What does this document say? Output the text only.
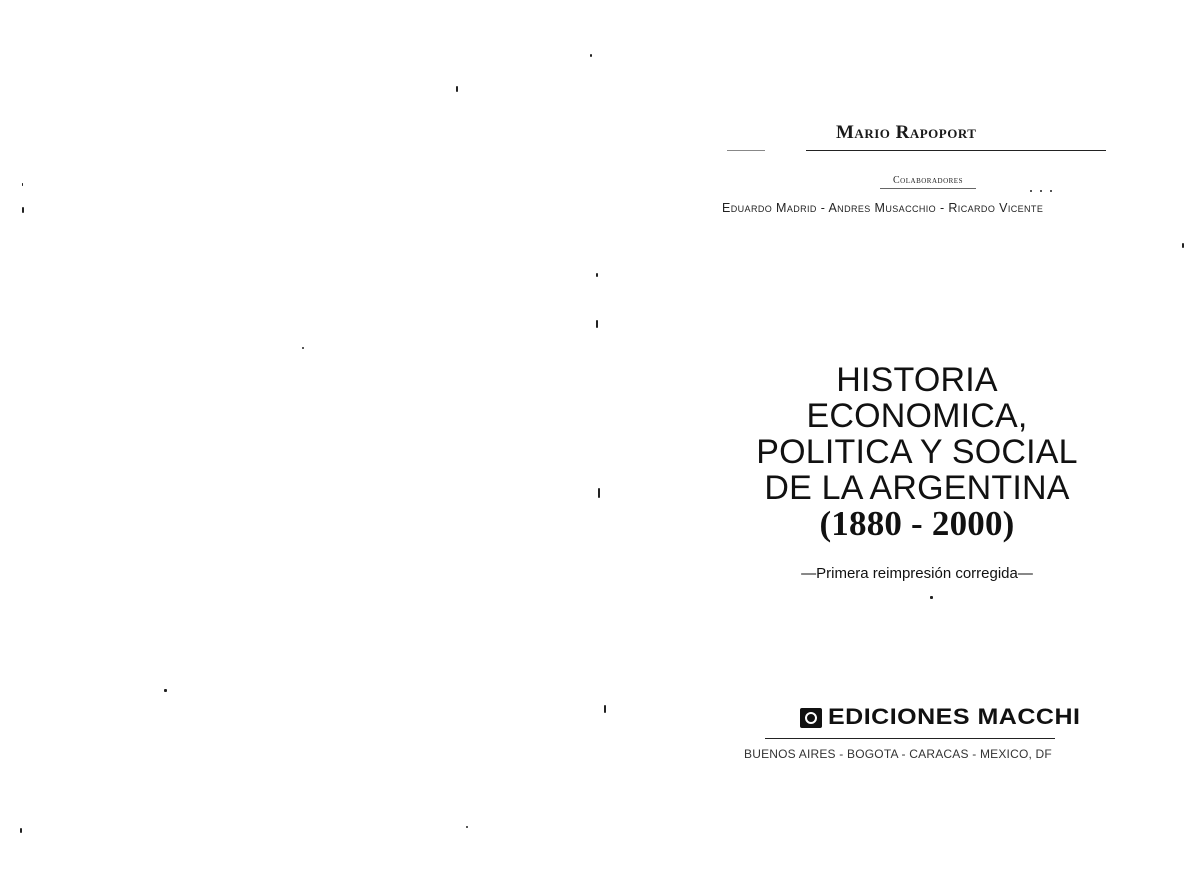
Mario Rapoport
Colaboradores
Eduardo Madrid - Andres Musacchio - Ricardo Vicente
HISTORIA ECONOMICA,
POLITICA Y SOCIAL
DE LA ARGENTINA
(1880 - 2000)
—Primera reimpresión corregida—
EDICIONES MACCHI
BUENOS AIRES - BOGOTA - CARACAS - MEXICO, DF
